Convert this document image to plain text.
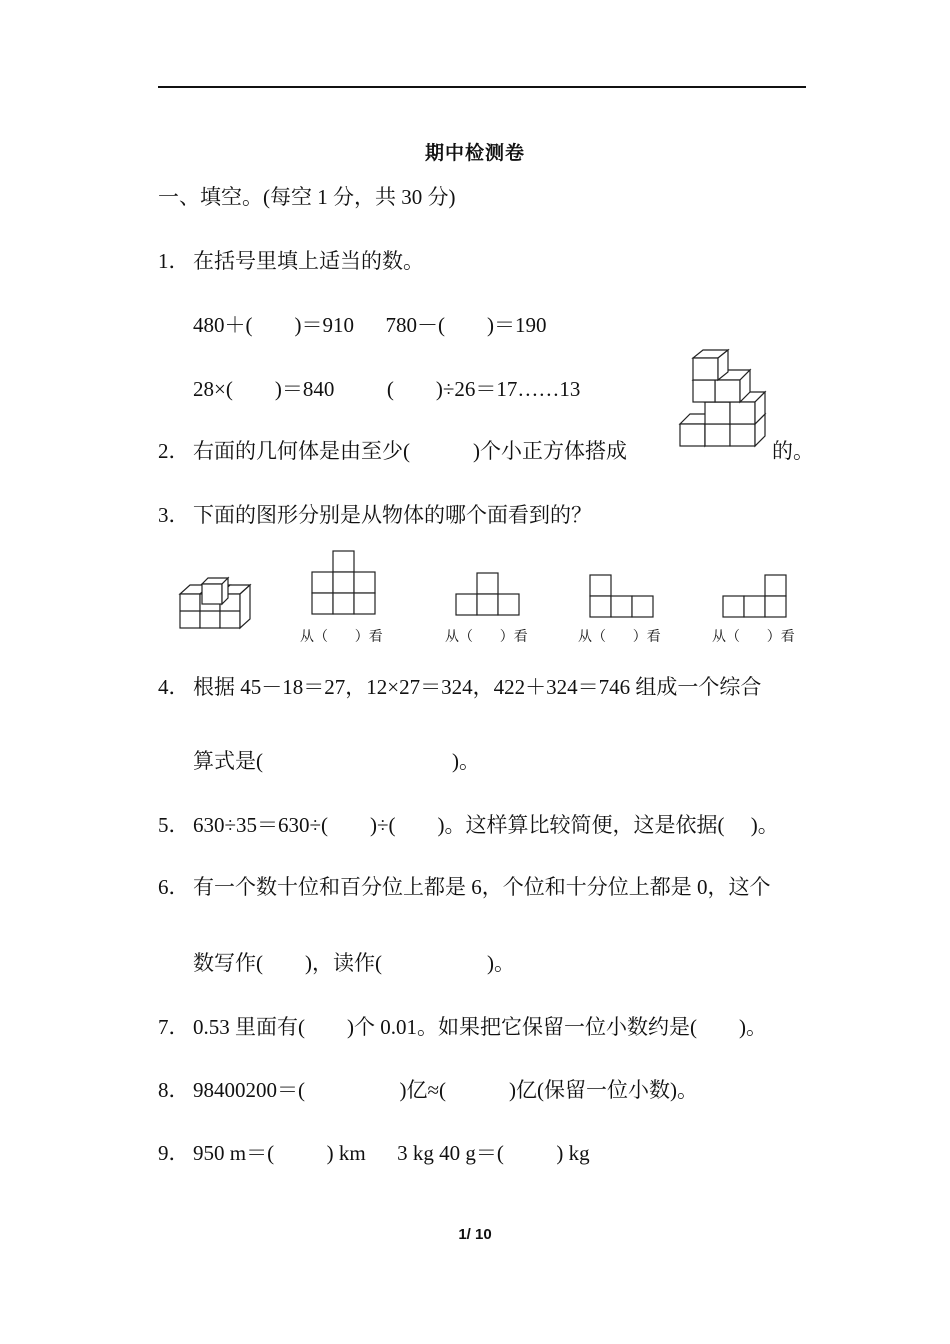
期中检测卷
一、填空。(每空 1 分，共 30 分)
1． 在括号里填上适当的数。
480＋(        )＝910      780－(        )＝190
28×(        )＝840          (        )÷26＝17……13
2． 右面的几何体是由至少(            )个小正方体搭成	的。
3． 下面的图形分别是从物体的哪个面看到的？
从（      ）看	从（      ）看	从（      ）看	从（      ）看
4． 根据 45－18＝27，12×27＝324，422＋324＝746 组成一个综合
算式是(                                    )。
5． 630÷35＝630÷(        )÷(        )。这样算比较简便，这是依据(     )。
6． 有一个数十位和百分位上都是 6，个位和十分位上都是 0，这个
数写作(        )，读作(                    )。
7． 0.53 里面有(        )个 0.01。如果把它保留一位小数约是(        )。
8． 98400200＝(                  )亿≈(            )亿(保留一位小数)。
9． 950 m＝(          ) km      3 kg 40 g＝(          ) kg
1/ 10
